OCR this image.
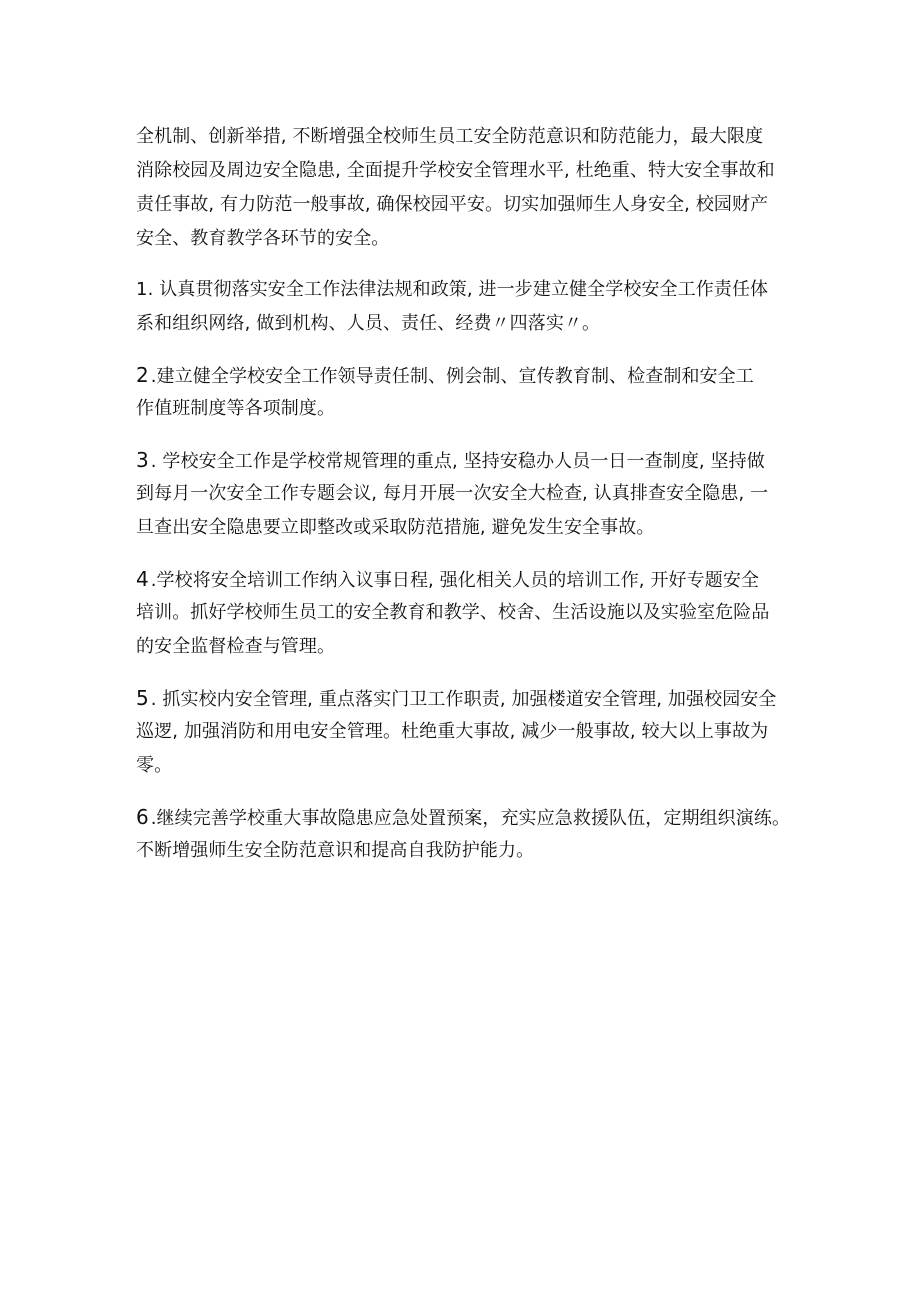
全机制、创新举措, 不断增强全校师生员工安全防范意识和防范能力，最大限度
消除校园及周边安全隐患, 全面提升学校安全管理水平, 杜绝重、特大安全事故和
责任事故, 有力防范一般事故, 确保校园平安。切实加强师生人身安全, 校园财产
安全、教育教学各环节的安全。
1. 认真贯彻落实安全工作法律法规和政策, 进一步建立健全学校安全工作责任体
系和组织网络, 做到机构、人员、责任、经费〃四落实〃。
2.建立健全学校安全工作领导责任制、例会制、宣传教育制、检查制和安全工
作值班制度等各项制度。
3. 学校安全工作是学校常规管理的重点, 坚持安稳办人员一日一查制度, 坚持做
到每月一次安全工作专题会议, 每月开展一次安全大检查, 认真排查安全隐患, 一
旦查出安全隐患要立即整改或采取防范措施, 避免发生安全事故。
4.学校将安全培训工作纳入议事日程, 强化相关人员的培训工作, 开好专题安全
培训。抓好学校师生员工的安全教育和教学、校舍、生活设施以及实验室危险品
的安全监督检查与管理。
5. 抓实校内安全管理, 重点落实门卫工作职责, 加强楼道安全管理, 加强校园安全
巡逻, 加强消防和用电安全管理。杜绝重大事故, 减少一般事故, 较大以上事故为
零。
6.继续完善学校重大事故隐患应急处置预案，充实应急救援队伍，定期组织演练。
不断增强师生安全防范意识和提高自我防护能力。
